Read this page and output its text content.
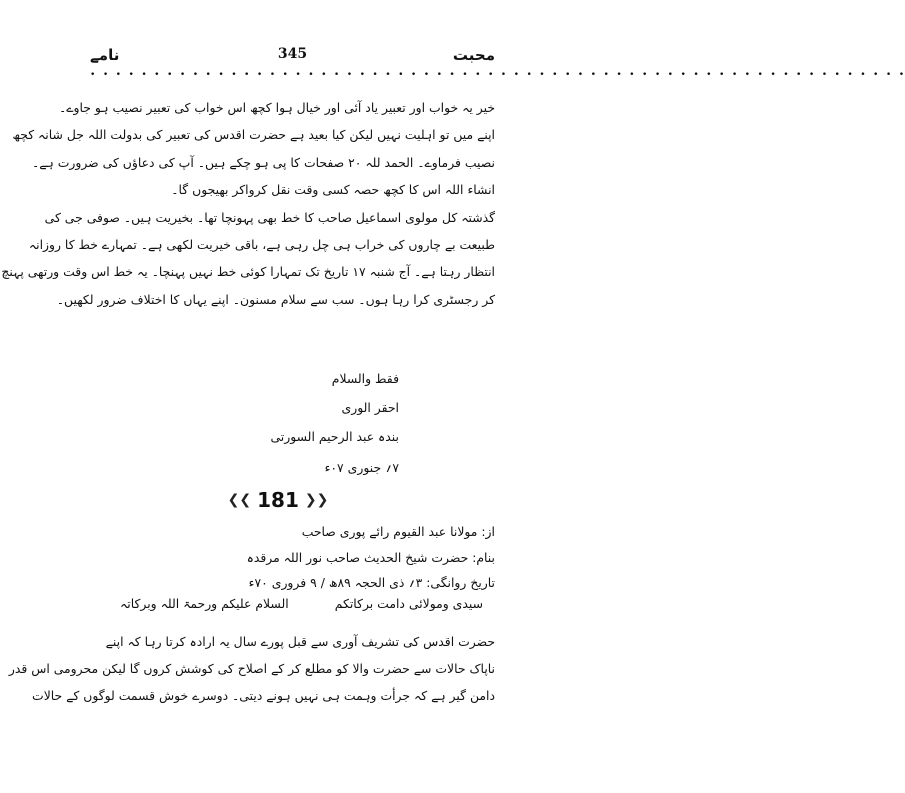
نامے	345	محبت
• • • • • • • • • • • • • • • • • • • • • • • • • • • • • • • • • • • • • • • • • • • • • • • • • • • • • • • • • • • • • • • •
خیر یہ خواب اور تعبیر یاد آئی اور خیال ہوا کچھ اس خواب کی تعبیر نصیب ہو جاوے۔
اپنے میں تو اہلیت نہیں لیکن کیا بعید ہے حضرت اقدس کی تعبیر کی بدولت اللہ جل شانہ کچھ
نصیب فرماوے۔ الحمد للہ ۲۰ صفحات کا پی ہو چکے ہیں۔ آپ کی دعاؤں کی ضرورت ہے۔
انشاء اللہ اس کا کچھ حصہ کسی وقت نقل کرواکر بھیجوں گا۔
گذشتہ کل مولوی اسماعیل صاحب کا خط بھی پہونچا تھا۔ بخیریت ہیں۔ صوفی جی کی
طبیعت بے چاروں کی خراب ہی چل رہی ہے، باقی خیریت لکھی ہے۔ تمہارے خط کا روزانہ
انتظار رہتا ہے۔ آج شنبہ ۱۷ تاریخ تک تمہارا کوئی خط نہیں پہنچا۔ یہ خط اس وقت ورتھی پہنچ
کر رجسٹری کرا رہا ہوں۔ سب سے سلام مسنون۔ اپنے یہاں کا اختلاف ضرور لکھیں۔
فقط والسلام
احقر الوری
بندہ عبد الرحیم السورتی
۷؍ جنوری ۰۷ء
❮❮ 181 ❯❯
از: مولانا عبد القیوم رائے پوری صاحب
بنام: حضرت شیخ الحدیث صاحب نور اللہ مرقدہ
تاریخ روانگی: ۳؍ ذی الحجہ ۸۹ھ / ۹ فروری ۷۰ء
سیدی ومولائی دامت برکاتکم
السلام علیکم ورحمۃ اللہ وبرکاتہ
حضرت اقدس کی تشریف آوری سے قبل پورے سال یہ ارادہ کرتا رہا کہ اپنے
ناپاک حالات سے حضرت والا کو مطلع کر کے اصلاح کی کوشش کروں گا لیکن محرومی اس قدر
دامن گیر ہے کہ جرأت وہمت ہی نہیں ہونے دیتی۔ دوسرے خوش قسمت لوگوں کے حالات
